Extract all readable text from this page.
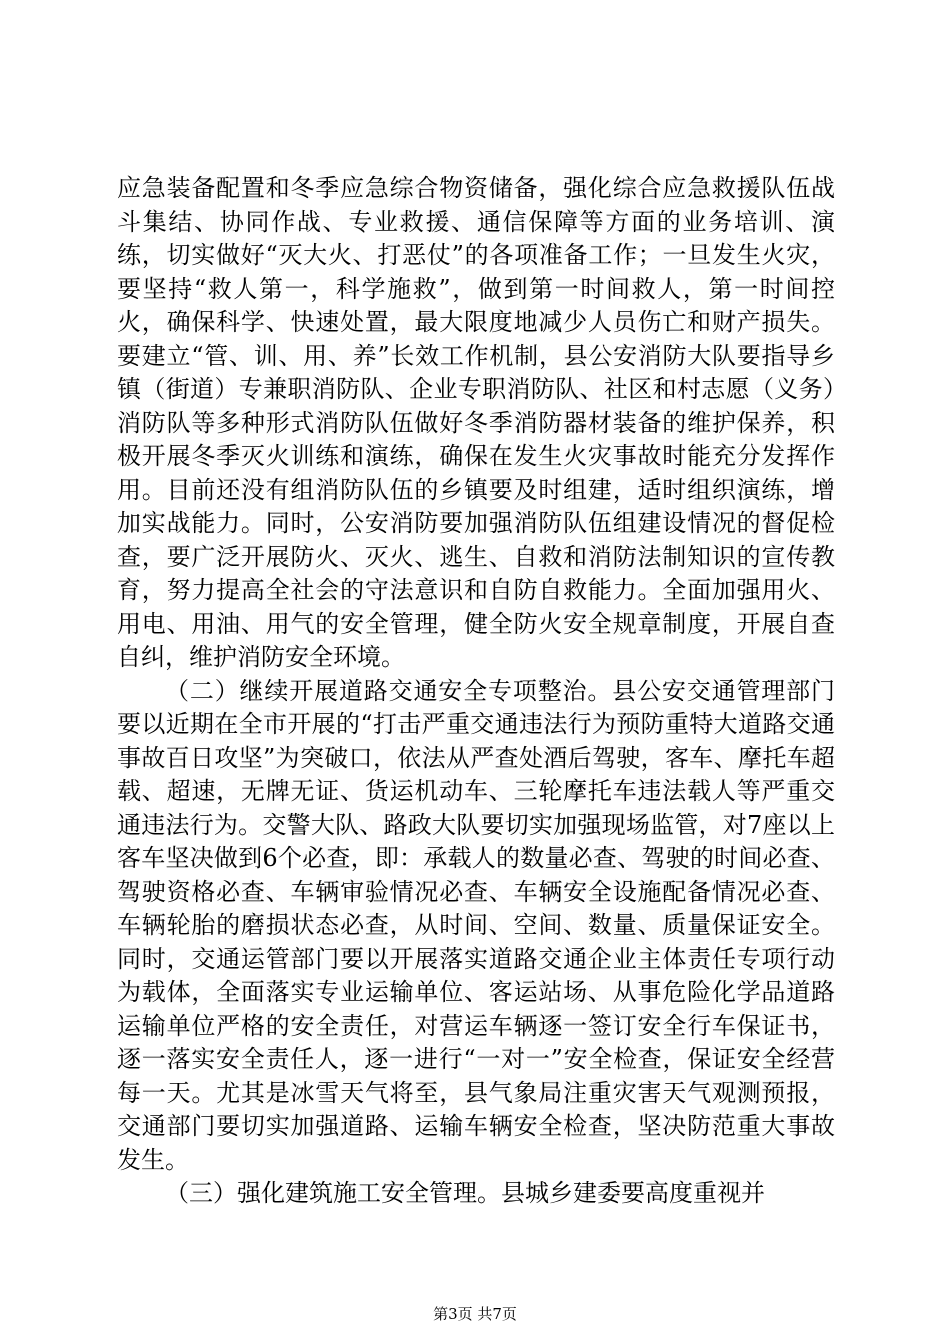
应急装备配置和冬季应急综合物资储备，强化综合应急救援队伍战斗集结、协同作战、专业救援、通信保障等方面的业务培训、演练，切实做好“灭大火、打恶仗”的各项准备工作；一旦发生火灾，要坚持“救人第一，科学施救”，做到第一时间救人，第一时间控火，确保科学、快速处置，最大限度地减少人员伤亡和财产损失。要建立“管、训、用、养”长效工作机制，县公安消防大队要指导乡镇（街道）专兼职消防队、企业专职消防队、社区和村志愿（义务）消防队等多种形式消防队伍做好冬季消防器材装备的维护保养，积极开展冬季灭火训练和演练，确保在发生火灾事故时能充分发挥作用。目前还没有组消防队伍的乡镇要及时组建，适时组织演练，增加实战能力。同时，公安消防要加强消防队伍组建设情况的督促检查，要广泛开展防火、灭火、逃生、自救和消防法制知识的宣传教育，努力提高全社会的守法意识和自防自救能力。全面加强用火、用电、用油、用气的安全管理，健全防火安全规章制度，开展自查自纠，维护消防安全环境。

（二）继续开展道路交通安全专项整治。县公安交通管理部门要以近期在全市开展的“打击严重交通违法行为预防重特大道路交通事故百日攻坚”为突破口，依法从严查处酒后驾驶，客车、摩托车超载、超速，无牌无证、货运机动车、三轮摩托车违法载人等严重交通违法行为。交警大队、路政大队要切实加强现场监管，对7座以上客车坚决做到6个必查，即：承载人的数量必查、驾驶的时间必查、驾驶资格必查、车辆审验情况必查、车辆安全设施配备情况必查、车辆轮胎的磨损状态必查，从时间、空间、数量、质量保证安全。同时，交通运管部门要以开展落实道路交通企业主体责任专项行动为载体，全面落实专业运输单位、客运站场、从事危险化学品道路运输单位严格的安全责任，对营运车辆逐一签订安全行车保证书，逐一落实安全责任人，逐一进行“一对一”安全检查，保证安全经营每一天。尤其是冰雪天气将至，县气象局注重灾害天气观测预报，交通部门要切实加强道路、运输车辆安全检查，坚决防范重大事故发生。

（三）强化建筑施工安全管理。县城乡建委要高度重视并

第3页 共7页
